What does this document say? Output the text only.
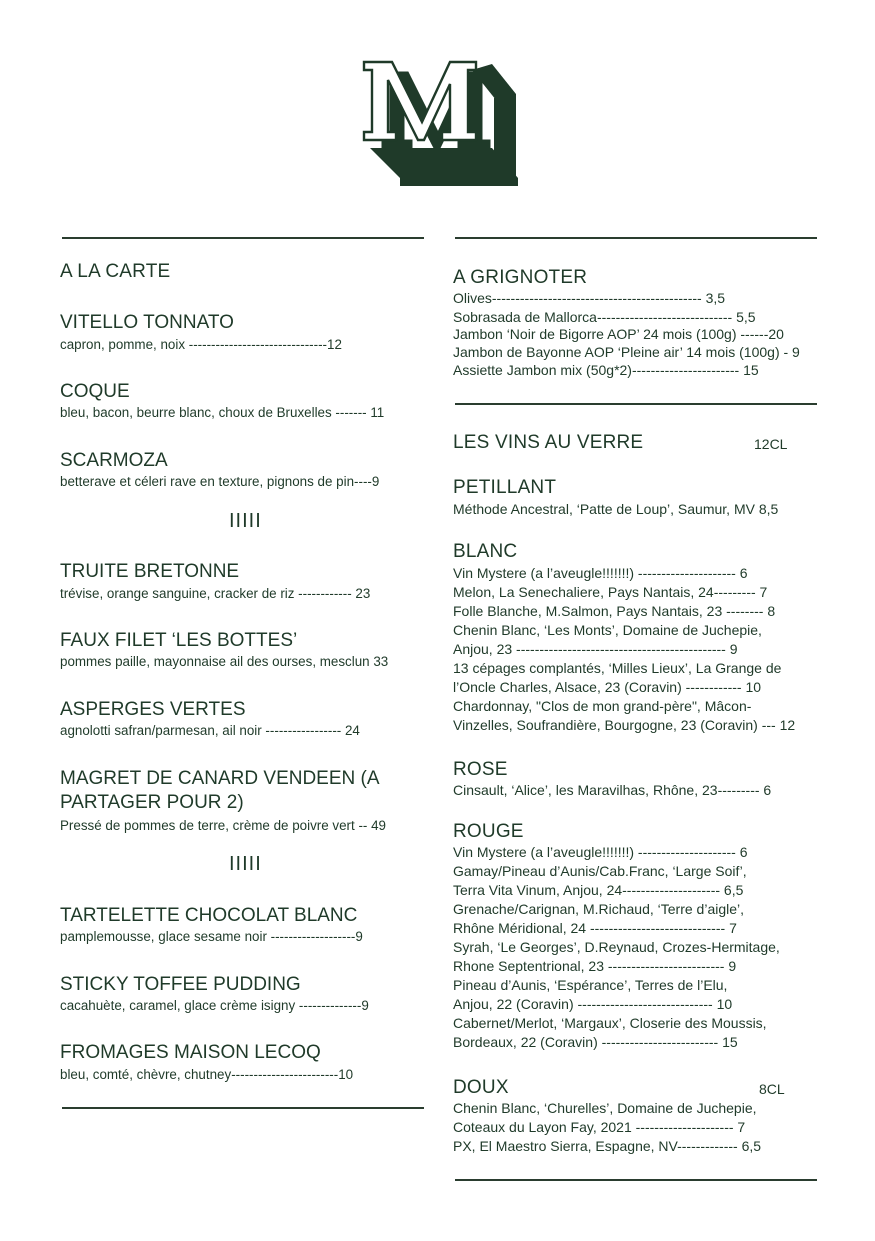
A LA CARTE
VITELLO TONNATO
capron, pomme, noix -------------------------------12
COQUE
bleu, bacon, beurre blanc, choux de Bruxelles ------- 11
SCARMOZA
betterave et céleri rave en texture, pignons de pin----9
IIIII
TRUITE BRETONNE
trévise, orange sanguine, cracker de riz ------------ 23
FAUX FILET ‘LES BOTTES’
pommes paille, mayonnaise ail des ourses, mesclun 33
ASPERGES VERTES
agnolotti safran/parmesan, ail noir ----------------- 24
MAGRET DE CANARD VENDEEN (A PARTAGER POUR 2)
Pressé de pommes de terre, crème de poivre vert -- 49
IIIII
TARTELETTE CHOCOLAT BLANC
pamplemousse, glace sesame noir -------------------9
STICKY TOFFEE PUDDING
cacahuète, caramel, glace crème isigny --------------9
FROMAGES MAISON LECOQ
bleu, comté, chèvre, chutney------------------------10
A GRIGNOTER
Olives--------------------------------------------- 3,5
Sobrasada de Mallorca----------------------------- 5,5
Jambon ‘Noir de Bigorre AOP’ 24 mois (100g) ------20
Jambon de Bayonne AOP ‘Pleine air’ 14 mois (100g) - 9
Assiette Jambon mix (50g*2)----------------------- 15
LES VINS AU VERRE	12CL
PETILLANT
Méthode Ancestral, ‘Patte de Loup’, Saumur, MV 8,5
BLANC
Vin Mystere (a l’aveugle!!!!!!!) --------------------- 6
Melon, La Senechaliere, Pays Nantais, 24--------- 7
Folle Blanche, M.Salmon, Pays Nantais, 23 -------- 8
Chenin Blanc, ‘Les Monts’, Domaine de Juchepie,
Anjou, 23 --------------------------------------------- 9
13 cépages complantés, ‘Milles Lieux’, La Grange de
l’Oncle Charles, Alsace, 23 (Coravin) ------------ 10
Chardonnay, "Clos de mon grand-père", Mâcon-
Vinzelles, Soufrandière, Bourgogne, 23 (Coravin) --- 12
ROSE
Cinsault, ‘Alice’, les Maravilhas, Rhône, 23--------- 6
ROUGE
Vin Mystere (a l’aveugle!!!!!!!) --------------------- 6
Gamay/Pineau d’Aunis/Cab.Franc, ‘Large Soif’,
Terra Vita Vinum, Anjou, 24--------------------- 6,5
Grenache/Carignan, M.Richaud, ‘Terre d’aigle’,
Rhône Méridional, 24 ----------------------------- 7
Syrah, ‘Le Georges’, D.Reynaud, Crozes-Hermitage,
Rhone Septentrional, 23 ------------------------- 9
Pineau d’Aunis, ‘Espérance’, Terres de l’Elu,
Anjou, 22 (Coravin) ----------------------------- 10
Cabernet/Merlot, ‘Margaux’, Closerie des Moussis,
Bordeaux, 22 (Coravin) ------------------------- 15
DOUX	8CL
Chenin Blanc, ‘Churelles’, Domaine de Juchepie,
Coteaux du Layon Fay, 2021 --------------------- 7
PX, El Maestro Sierra, Espagne, NV------------- 6,5
